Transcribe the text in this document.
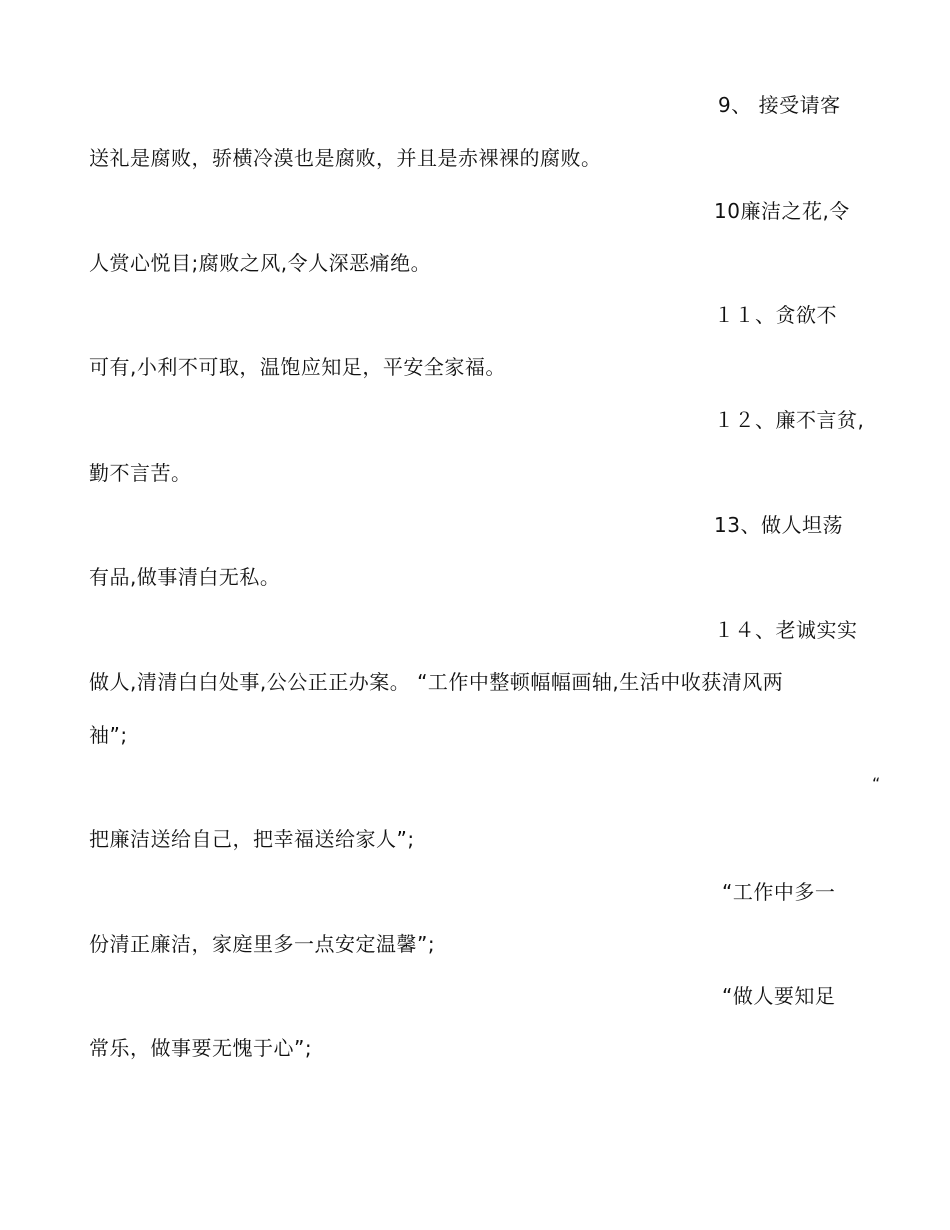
9、 接受请客
送礼是腐败，骄横冷漠也是腐败，并且是赤裸裸的腐败。
10廉洁之花,令
人赏心悦目;腐败之风,令人深恶痛绝。
１１、贪欲不
可有,小利不可取，温饱应知足，平安全家福。
１２、廉不言贫,
勤不言苦。
13、做人坦荡
有品,做事清白无私。
１４、老诚实实
做人,清清白白处事,公公正正办案。 “工作中整顿幅幅画轴,生活中收获清风两
袖”;
“
把廉洁送给自己，把幸福送给家人”;
“工作中多一
份清正廉洁，家庭里多一点安定温馨”;
“做人要知足
常乐，做事要无愧于心”;
